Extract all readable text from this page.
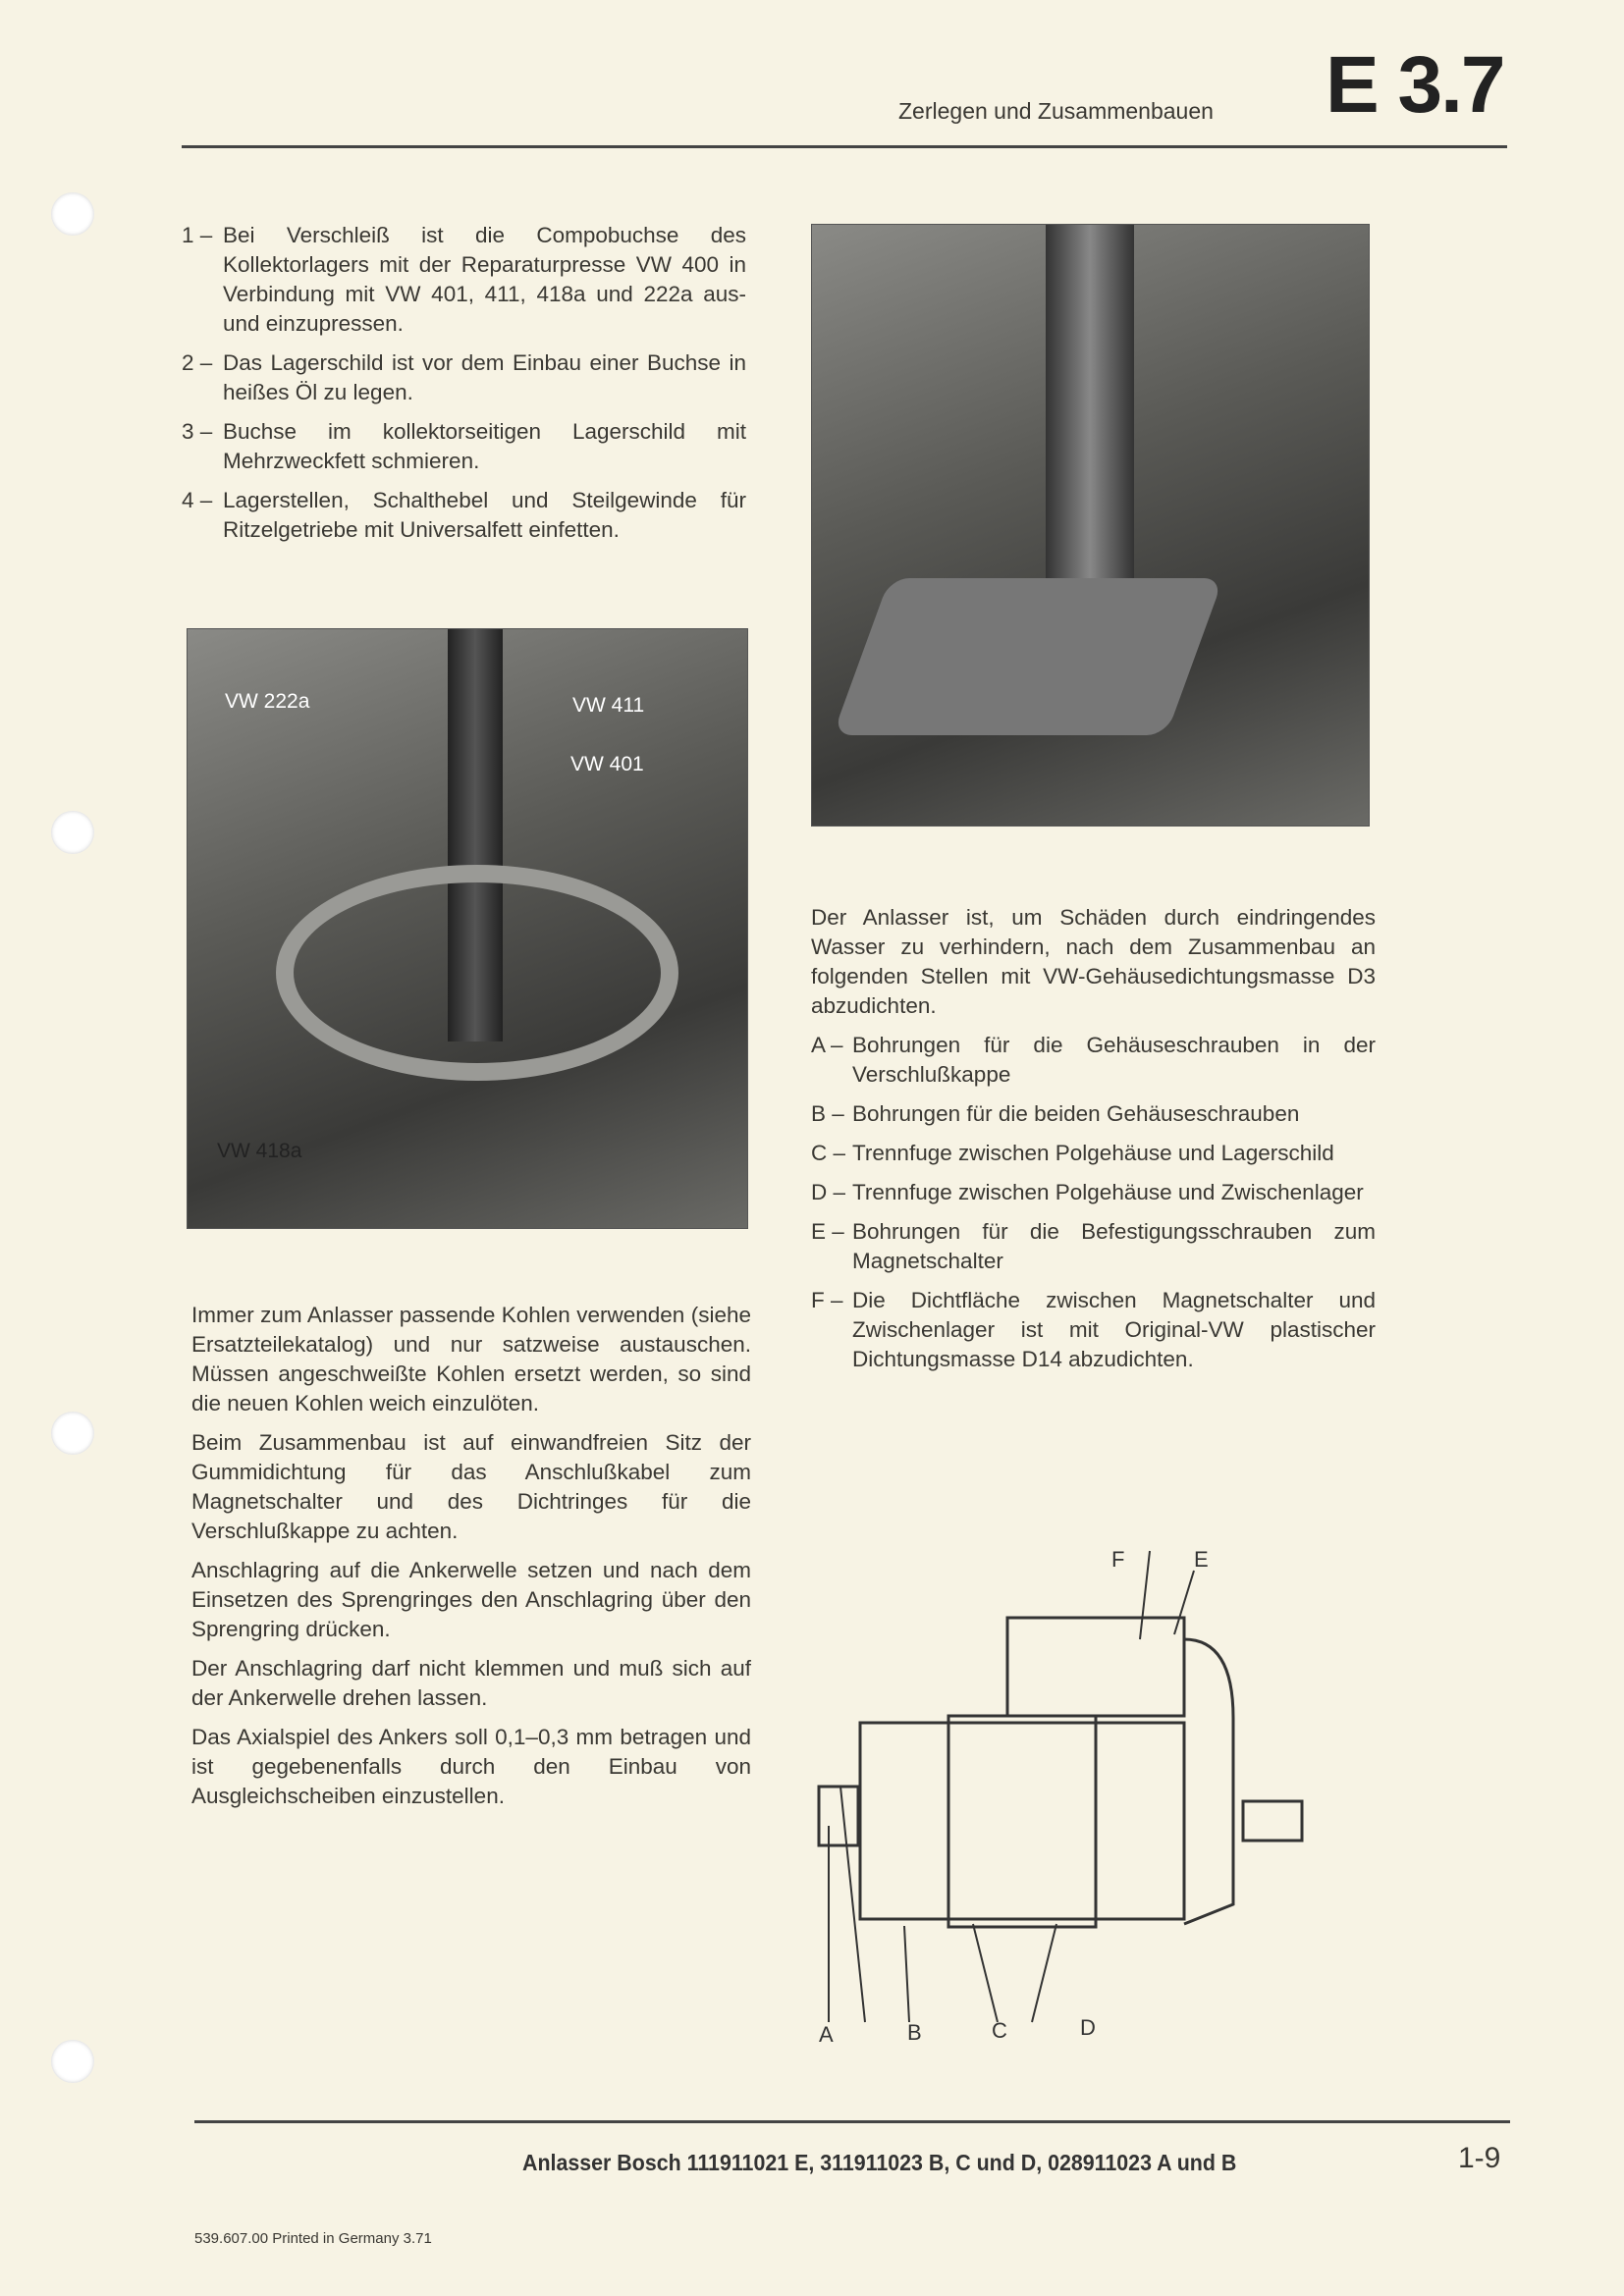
Zerlegen und Zusammenbauen E 3.7
1 – Bei Verschleiß ist die Compobuchse des Kollektorlagers mit der Reparaturpresse VW 400 in Verbindung mit VW 401, 411, 418a und 222a aus- und einzupressen.
2 – Das Lagerschild ist vor dem Einbau einer Buchse in heißes Öl zu legen.
3 – Buchse im kollektorseitigen Lagerschild mit Mehrzweckfett schmieren.
4 – Lagerstellen, Schalthebel und Steilgewinde für Ritzelgetriebe mit Universalfett einfetten.
VW 222a	VW 411
VW 401
VW 418a

Der Anlasser ist, um Schäden durch eindringendes Wasser zu verhindern, nach dem Zusammenbau an folgenden Stellen mit VW-Gehäusedichtungsmasse D3 abzudichten.

A – Bohrungen für die Gehäuseschrauben in der Verschlußkappe
B – Bohrungen für die beiden Gehäuseschrauben
C – Trennfuge zwischen Polgehäuse und Lagerschild
D – Trennfuge zwischen Polgehäuse und Zwischenlager
E – Bohrungen für die Befestigungsschrauben zum Magnetschalter
F – Die Dichtfläche zwischen Magnetschalter und Zwischenlager ist mit Original-VW plastischer Dichtungsmasse D14 abzudichten.

Immer zum Anlasser passende Kohlen verwenden (siehe Ersatzteilekatalog) und nur satzweise austauschen. Müssen angeschweißte Kohlen ersetzt werden, so sind die neuen Kohlen weich einzulöten.

Beim Zusammenbau ist auf einwandfreien Sitz der Gummidichtung für das Anschlußkabel zum Magnetschalter und des Dichtringes für die Verschlußkappe zu achten.

Anschlagring auf die Ankerwelle setzen und nach dem Einsetzen des Sprengringes den Anschlagring über den Sprengring drücken.

Der Anschlagring darf nicht klemmen und muß sich auf der Ankerwelle drehen lassen.

Das Axialspiel des Ankers soll 0,1–0,3 mm betragen und ist gegebenenfalls durch den Einbau von Ausgleichscheiben einzustellen.

A	B	C	D
E
F
Anlasser Bosch 111911021 E, 311911023 B, C und D, 028911023 A und B	1-9
539.607.00 Printed in Germany 3.71
